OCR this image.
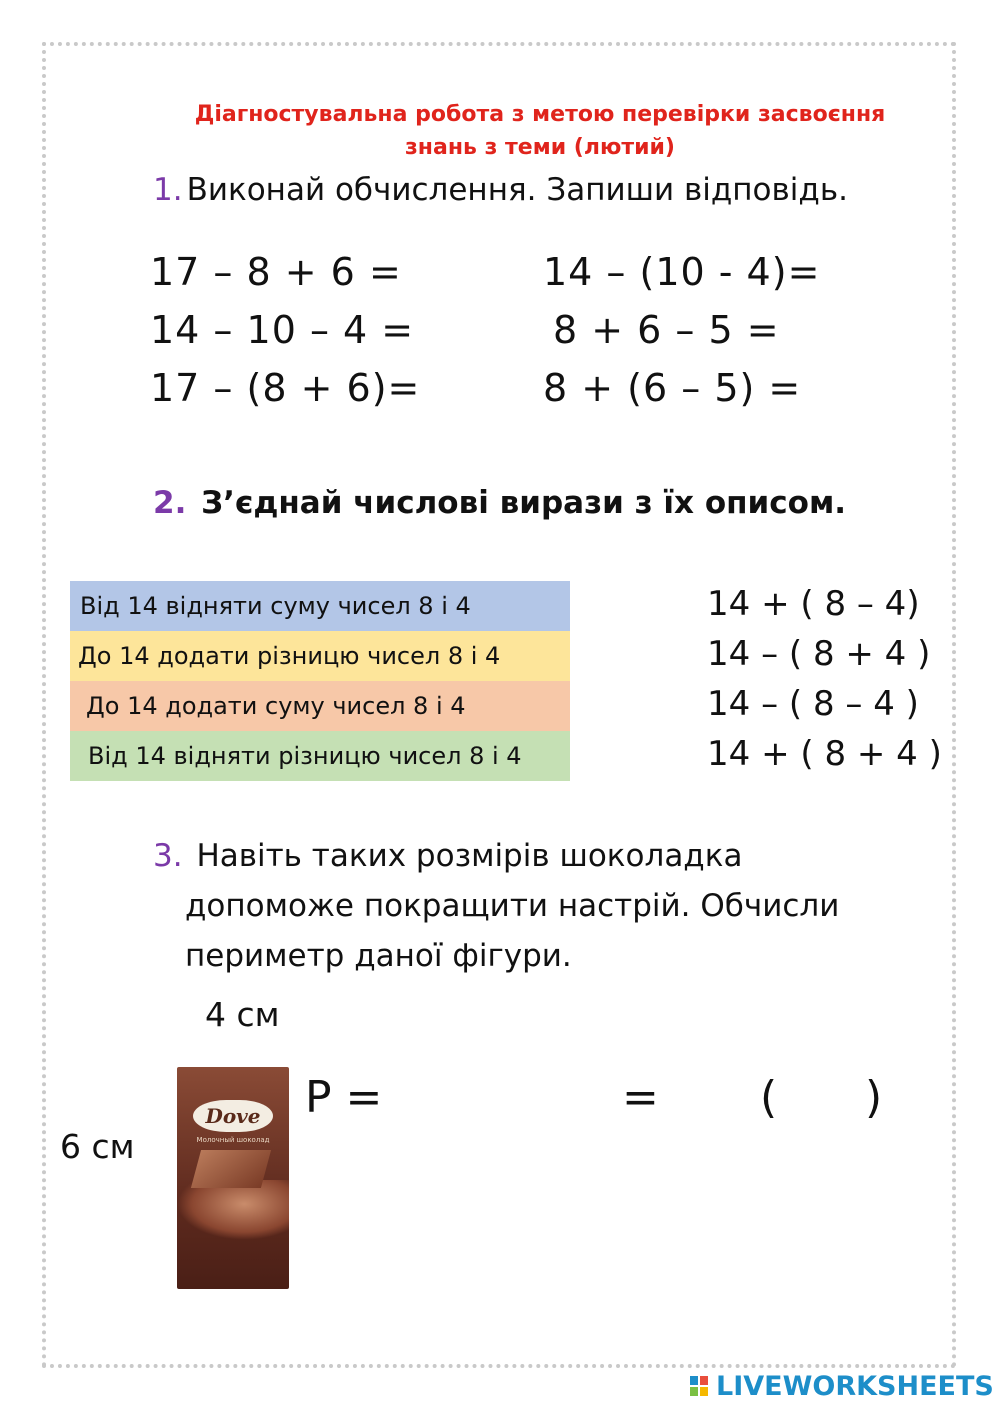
Діагностувальна робота з метою перевірки засвоєння
знань з теми (лютий)
1. Виконай обчислення. Запиши відповідь.
17 – 8 + 6 =
14 – 10 – 4 =
17 – (8 + 6)=
14 – (10 - 4)=
8 + 6 – 5 =
8 + (6 – 5) =
2. З’єднай числові вирази з їх описом.
Від 14 відняти суму чисел 8 і 4
До 14 додати різницю чисел 8 і 4
До 14 додати суму чисел 8 і 4
Від 14 відняти різницю чисел 8 і 4
14 + ( 8 – 4)
14 – ( 8 + 4 )
14 – ( 8 – 4 )
14 + ( 8 + 4 )
3. Навіть таких розмірів шоколадка
допоможе покращити настрій. Обчисли
периметр даної фігури.
4 см
6 см
Dove
Молочный шоколад
P =	= ( )
LIVEWORKSHEETS
